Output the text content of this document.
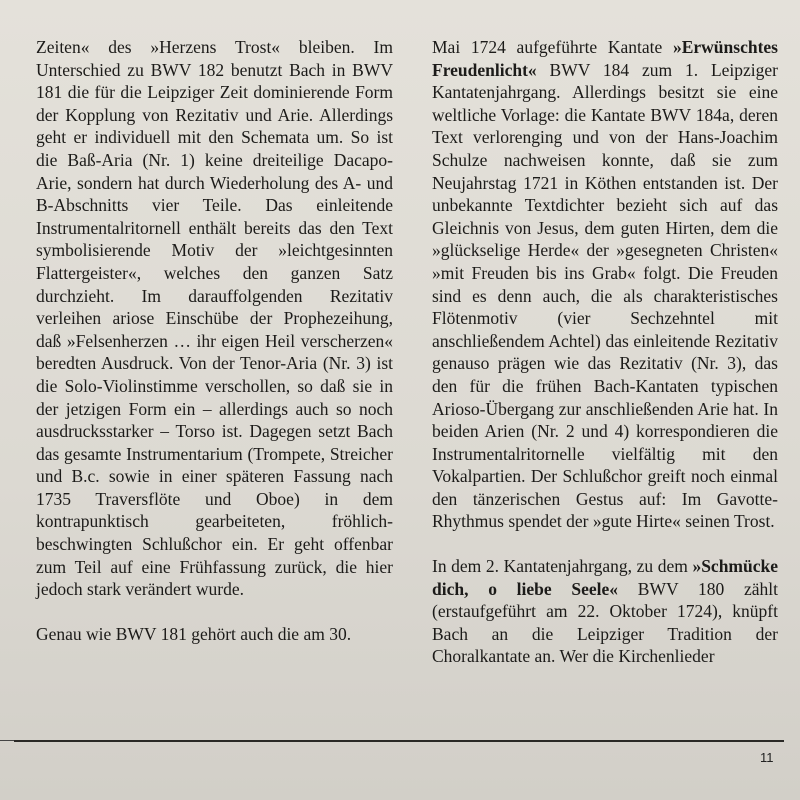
Zeiten« des »Herzens Trost« bleiben. Im Unterschied zu BWV 182 benutzt Bach in BWV 181 die für die Leipziger Zeit dominierende Form der Kopplung von Rezitativ und Arie. Allerdings geht er individuell mit den Schemata um. So ist die Baß-Aria (Nr. 1) keine dreiteilige Dacapo-Arie, sondern hat durch Wiederholung des A- und B-Abschnitts vier Teile. Das einleitende Instrumentalritornell enthält bereits das den Text symbolisierende Motiv der »leichtgesinnten Flattergeister«, welches den ganzen Satz durchzieht. Im darauffolgenden Rezitativ verleihen ariose Einschübe der Prophezeihung, daß »Felsenherzen … ihr eigen Heil verscherzen« beredten Ausdruck. Von der Tenor-Aria (Nr. 3) ist die Solo-Violinstimme verschollen, so daß sie in der jetzigen Form ein – allerdings auch so noch ausdrucksstarker – Torso ist. Dagegen setzt Bach das gesamte Instrumentarium (Trompete, Streicher und B.c. sowie in einer späteren Fassung nach 1735 Traversflöte und Oboe) in dem kontrapunktisch gearbeiteten, fröhlich-beschwingten Schlußchor ein. Er geht offenbar zum Teil auf eine Frühfassung zurück, die hier jedoch stark verändert wurde.

Genau wie BWV 181 gehört auch die am 30.

Mai 1724 aufgeführte Kantate »Erwünschtes Freudenlicht« BWV 184 zum 1. Leipziger Kantatenjahrgang. Allerdings besitzt sie eine weltliche Vorlage: die Kantate BWV 184a, deren Text verlorenging und von der Hans-Joachim Schulze nachweisen konnte, daß sie zum Neujahrstag 1721 in Köthen entstanden ist. Der unbekannte Textdichter bezieht sich auf das Gleichnis von Jesus, dem guten Hirten, dem die »glückselige Herde« der »gesegneten Christen« »mit Freuden bis ins Grab« folgt. Die Freuden sind es denn auch, die als charakteristisches Flötenmotiv (vier Sechzehntel mit anschließendem Achtel) das einleitende Rezitativ genauso prägen wie das Rezitativ (Nr. 3), das den für die frühen Bach-Kantaten typischen Arioso-Übergang zur anschließenden Arie hat. In beiden Arien (Nr. 2 und 4) korrespondieren die Instrumentalritornelle vielfältig mit den Vokalpartien. Der Schlußchor greift noch einmal den tänzerischen Gestus auf: Im Gavotte-Rhythmus spendet der »gute Hirte« seinen Trost.

In dem 2. Kantatenjahrgang, zu dem »Schmücke dich, o liebe Seele« BWV 180 zählt (erstaufgeführt am 22. Oktober 1724), knüpft Bach an die Leipziger Tradition der Choralkantate an. Wer die Kirchenlieder

11
